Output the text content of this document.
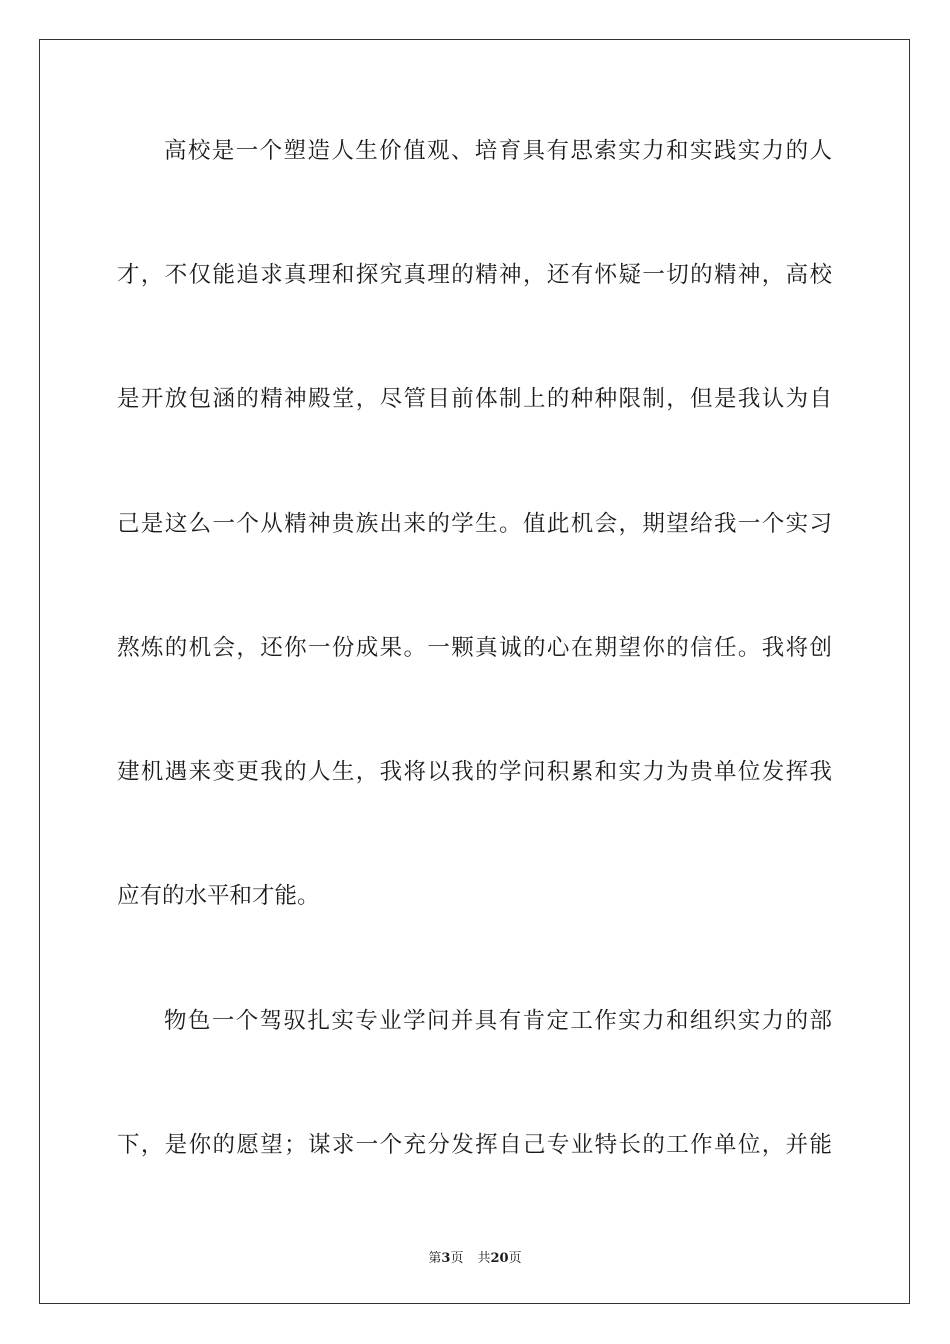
高校是一个塑造人生价值观、培育具有思索实力和实践实力的人
才，不仅能追求真理和探究真理的精神，还有怀疑一切的精神，高校
是开放包涵的精神殿堂，尽管目前体制上的种种限制，但是我认为自
己是这么一个从精神贵族出来的学生。值此机会，期望给我一个实习
熬炼的机会，还你一份成果。一颗真诚的心在期望你的信任。我将创
建机遇来变更我的人生，我将以我的学问积累和实力为贵单位发挥我
应有的水平和才能。
物色一个驾驭扎实专业学问并具有肯定工作实力和组织实力的部
下，是你的愿望；谋求一个充分发挥自己专业特长的工作单位，并能
第3页 共20页
